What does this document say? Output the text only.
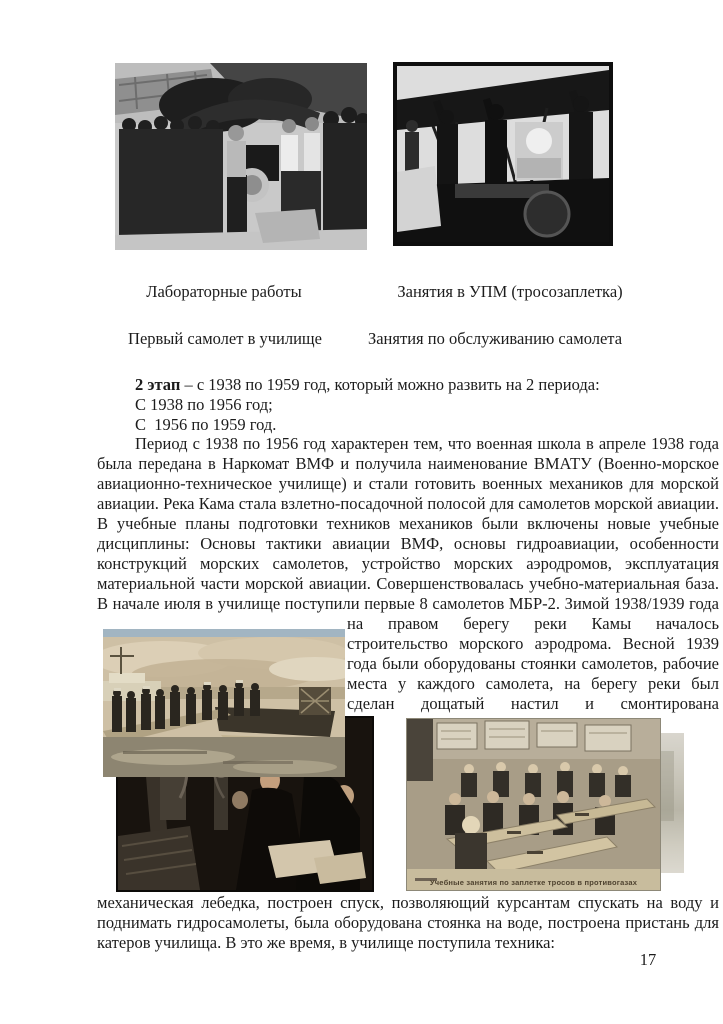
Лабораторные работы	Занятия в УПМ (тросозаплетка)
Первый самолет в училище	Занятия по обслуживанию самолета
2 этап – с 1938 по 1959 год, который можно развить на 2 периода:
С 1938 по 1956 год;
С  1956 по 1959 год.
Период с 1938 по 1956 год характерен тем, что военная школа в апреле 1938 года была передана в Наркомат ВМФ и получила наименование ВМАТУ (Военно-морское авиационно-техническое училище) и стали готовить военных механиков для морской авиации. Река Кама стала взлетно-посадочной полосой для самолетов морской авиации. В учебные планы подготовки техников механиков были включены новые учебные дисциплины: Основы тактики авиации ВМФ, основы гидроавиации, особенности конструкций морских самолетов, устройство морских аэродромов, эксплуатация материальной части морской авиации. Совершенствовалась учебно-материальная база. В начале июля в училище поступили первые 8 самолетов МБР-2. Зимой 1938/1939 года на правом берегу реки Камы началось строительство морского аэродрома. Весной 1939 года были оборудованы стоянки самолетов, рабочие места у каждого самолета, на берегу реки был сделан дощатый настил и смонтирована
Учебные занятия по заплетке тросов в противогазах
механическая лебедка, построен спуск, позволяющий курсантам спускать на воду и поднимать гидросамолеты, была оборудована стоянка на воде, построена пристань для катеров училища. В это же время, в училище поступила техника:
17
